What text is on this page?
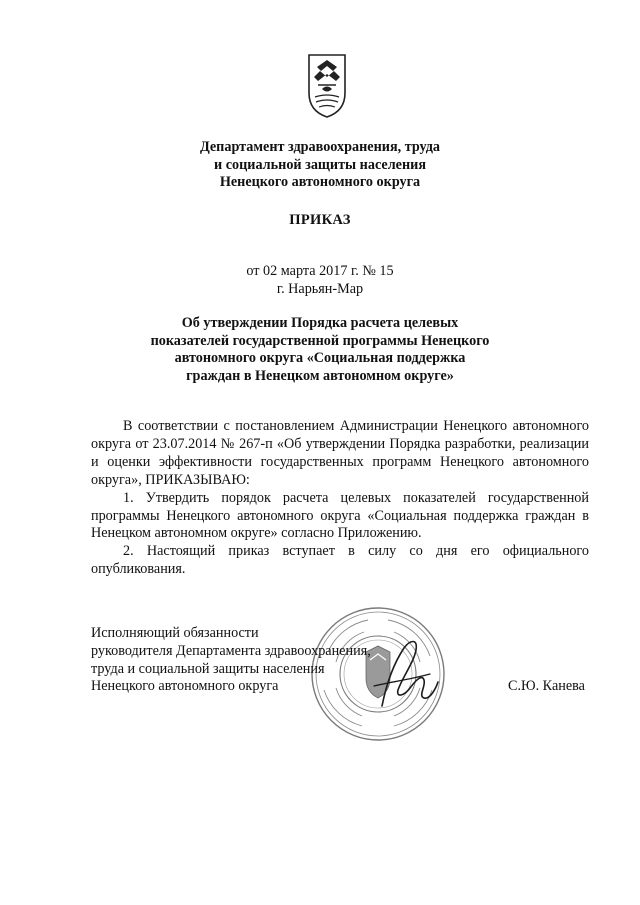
Департамент здравоохранения, труда
и социальной защиты населения
Ненецкого автономного округа
ПРИКАЗ
от 02 марта 2017 г. № 15
г. Нарьян-Мар
Об утверждении Порядка расчета целевых
показателей государственной программы Ненецкого
автономного округа «Социальная поддержка
граждан в Ненецком автономном округе»

В соответствии с постановлением Администрации Ненецкого автономного округа от 23.07.2014 № 267-п «Об утверждении Порядка разработки, реализации и оценки эффективности государственных программ Ненецкого автономного округа», ПРИКАЗЫВАЮ:

1. Утвердить порядок расчета целевых показателей государственной программы Ненецкого автономного округа «Социальная поддержка граждан в Ненецком автономном округе» согласно Приложению.

2. Настоящий приказ вступает в силу со дня его официального опубликования.

Исполняющий обязанности
руководителя Департамента здравоохранения,
труда и социальной защиты населения
Ненецкого автономного округа	С.Ю. Канева
